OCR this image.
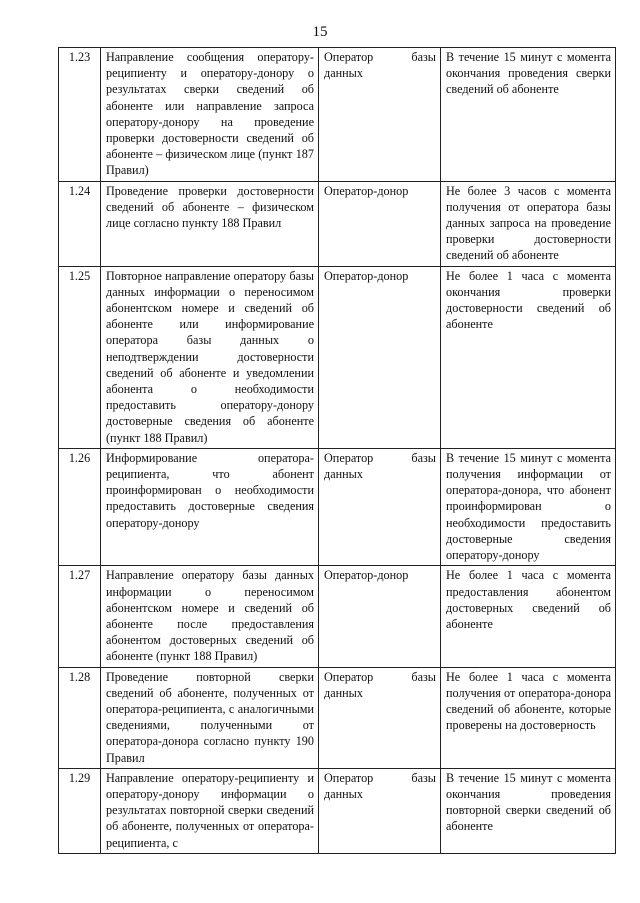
15
1.23	Направление сообщения оператору-реципиенту и оператору-донору о результатах сверки сведений об абоненте или направление запроса оператору-донору на проведение проверки достоверности сведений об абоненте – физическом лице (пункт 187 Правил)	Оператор базы данных	В течение 15 минут с момента окончания проведения сверки сведений об абоненте
1.24	Проведение проверки достоверности сведений об абоненте – физическом лице согласно пункту 188 Правил	Оператор-донор	Не более 3 часов с момента получения от оператора базы данных запроса на проведение проверки достоверности сведений об абоненте
1.25	Повторное направление оператору базы данных информации о переносимом абонентском номере и сведений об абоненте или информирование оператора базы данных о неподтверждении достоверности сведений об абоненте и уведомлении абонента о необходимости предоставить оператору-донору достоверные сведения об абоненте (пункт 188 Правил)	Оператор-донор	Не более 1 часа с момента окончания проверки достоверности сведений об абоненте
1.26	Информирование оператора-реципиента, что абонент проинформирован о необходимости предоставить достоверные сведения оператору-донору	Оператор базы данных	В течение 15 минут с момента получения информации от оператора-донора, что абонент проинформирован о необходимости предоставить достоверные сведения оператору-донору
1.27	Направление оператору базы данных информации о переносимом абонентском номере и сведений об абоненте после предоставления абонентом достоверных сведений об абоненте (пункт 188 Правил)	Оператор-донор	Не более 1 часа с момента предоставления абонентом достоверных сведений об абоненте
1.28	Проведение повторной сверки сведений об абоненте, полученных от оператора-реципиента, с аналогичными сведениями, полученными от оператора-донора согласно пункту 190 Правил	Оператор базы данных	Не более 1 часа с момента получения от оператора-донора сведений об абоненте, которые проверены на достоверность
1.29	Направление оператору-реципиенту и оператору-донору информации о результатах повторной сверки сведений об абоненте, полученных от оператора-реципиента, с	Оператор базы данных	В течение 15 минут с момента окончания проведения повторной сверки сведений об абоненте
